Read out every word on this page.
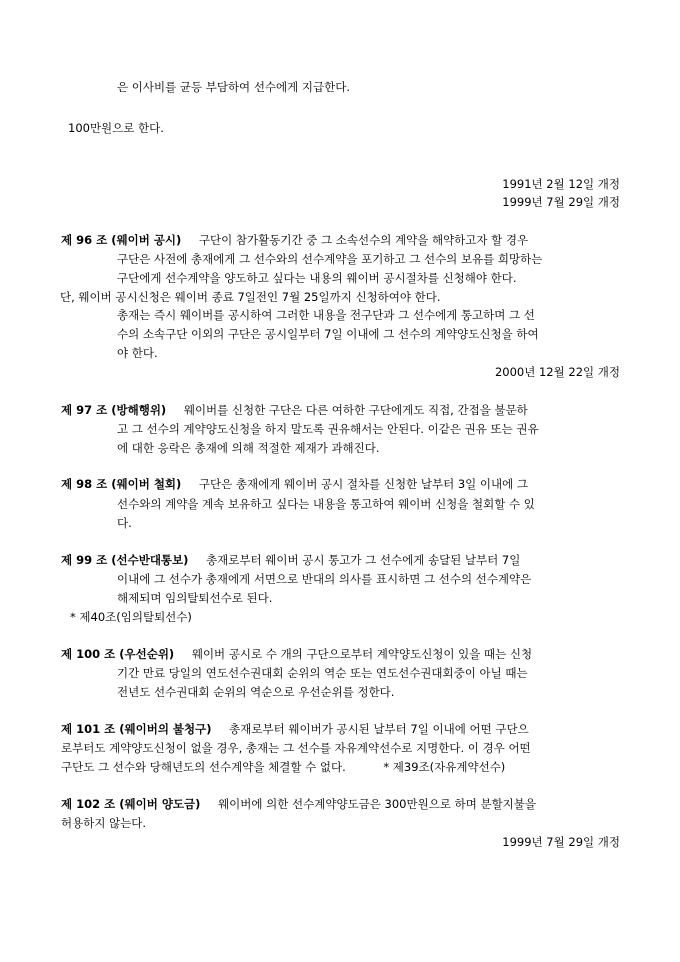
은 이사비를 균등 부담하여 선수에게 지급한다.
100만원으로 한다.
1991년 2월 12일 개정
1999년 7월 29일 개정
제 96 조 (웨이버 공시) 구단이 참가활동기간 중 그 소속선수의 계약을 해약하고자 할 경우
구단은 사전에 총재에게 그 선수와의 선수계약을 포기하고 그 선수의 보유를 희망하는
구단에게 선수계약을 양도하고 싶다는 내용의 웨이버 공시절차를 신청해야 한다.
단, 웨이버 공시신청은 웨이버 종료 7일전인 7월 25일까지 신청하여야 한다.
총재는 즉시 웨이버를 공시하여 그러한 내용을 전구단과 그 선수에게 통고하며 그 선
수의 소속구단 이외의 구단은 공시일부터 7일 이내에 그 선수의 계약양도신청을 하여
야 한다.
2000년 12월 22일 개정
제 97 조 (방해행위) 웨이버를 신청한 구단은 다른 여하한 구단에게도 직접, 간접을 불문하
고 그 선수의 계약양도신청을 하지 말도록 권유해서는 안된다. 이같은 권유 또는 권유
에 대한 응락은 총재에 의해 적절한 제재가 과해진다.
제 98 조 (웨이버 철회) 구단은 총재에게 웨이버 공시 절차를 신청한 날부터 3일 이내에 그
선수와의 계약을 계속 보유하고 싶다는 내용을 통고하여 웨이버 신청을 철회할 수 있
다.
제 99 조 (선수반대통보) 총재로부터 웨이버 공시 통고가 그 선수에게 송달된 날부터 7일
이내에 그 선수가 총재에게 서면으로 반대의 의사를 표시하면 그 선수의 선수계약은
해제되며 임의탈퇴선수로 된다.
* 제40조(임의탈퇴선수)
제 100 조 (우선순위) 웨이버 공시로 수 개의 구단으로부터 계약양도신청이 있을 때는 신청
기간 만료 당일의 연도선수권대회 순위의 역순 또는 연도선수권대회중이 아닐 때는
전년도 선수권대회 순위의 역순으로 우선순위를 정한다.
제 101 조 (웨이버의 불청구) 총재로부터 웨이버가 공시된 날부터 7일 이내에 어떤 구단으
로부터도 계약양도신청이 없을 경우, 총재는 그 선수를 자유계약선수로 지명한다. 이 경우 어떤
구단도 그 선수와 당해년도의 선수계약을 체결할 수 없다.	* 제39조(자유계약선수)
제 102 조 (웨이버 양도금) 웨이버에 의한 선수계약양도금은 300만원으로 하며 분할지불을
허용하지 않는다.
1999년 7월 29일 개정
